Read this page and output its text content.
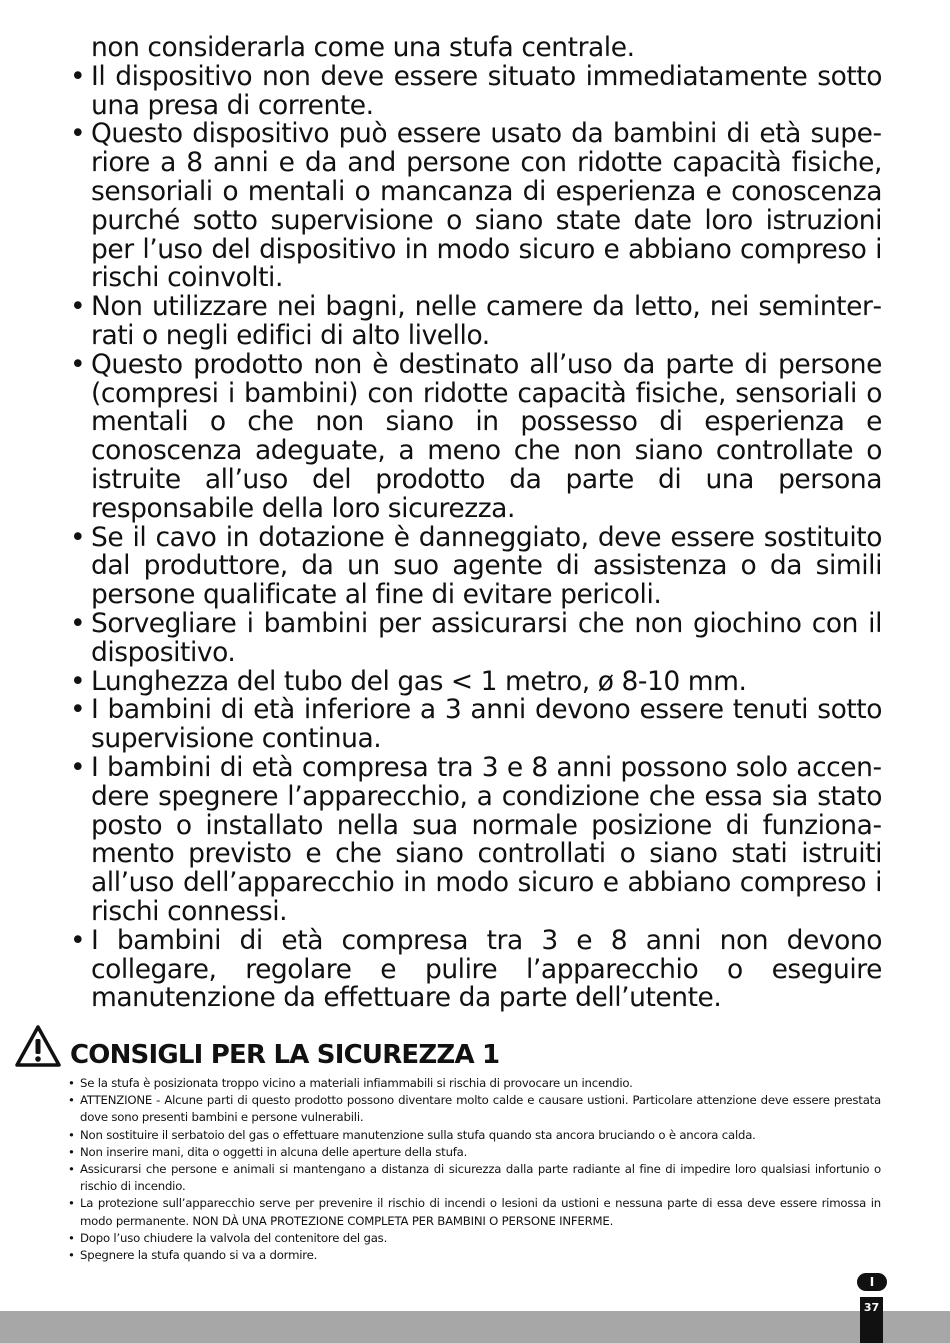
non considerarla come una stufa centrale.
• Il dispositivo non deve essere situato immediatamente sotto una presa di corrente.
• Questo dispositivo può essere usato da bambini di età superiore a 8 anni e da and persone con ridotte capacità fisiche, sensoriali o mentali o mancanza di esperienza e conoscenza purché sotto supervisione o siano state date loro istruzioni per l’uso del dispositivo in modo sicuro e abbiano compreso i rischi coinvolti.
• Non utilizzare nei bagni, nelle camere da letto, nei seminterrati o negli edifici di alto livello.
• Questo prodotto non è destinato all’uso da parte di persone (compresi i bambini) con ridotte capacità fisiche, sensoriali o mentali o che non siano in possesso di esperienza e conoscenza adeguate, a meno che non siano controllate o istruite all’uso del prodotto da parte di una persona responsabile della loro sicurezza.
• Se il cavo in dotazione è danneggiato, deve essere sostituito dal produttore, da un suo agente di assistenza o da simili persone qualificate al fine di evitare pericoli.
• Sorvegliare i bambini per assicurarsi che non giochino con il dispositivo.
• Lunghezza del tubo del gas < 1 metro, ø 8-10 mm.
• I bambini di età inferiore a 3 anni devono essere tenuti sotto supervisione continua.
• I bambini di età compresa tra 3 e 8 anni possono solo accendere spegnere l’apparecchio, a condizione che essa sia stato posto o installato nella sua normale posizione di funzionamento previsto e che siano controllati o siano stati istruiti all’uso dell’apparecchio in modo sicuro e abbiano compreso i rischi connessi.
• I bambini di età compresa tra 3 e 8 anni non devono collegare, regolare e pulire l’apparecchio o eseguire manutenzione da effettuare da parte dell’utente.
CONSIGLI PER LA SICUREZZA 1
• Se la stufa è posizionata troppo vicino a materiali infiammabili si rischia di provocare un incendio.
• ATTENZIONE - Alcune parti di questo prodotto possono diventare molto calde e causare ustioni. Particolare attenzione deve essere prestata dove sono presenti bambini e persone vulnerabili.
• Non sostituire il serbatoio del gas o effettuare manutenzione sulla stufa quando sta ancora bruciando o è ancora calda.
• Non inserire mani, dita o oggetti in alcuna delle aperture della stufa.
• Assicurarsi che persone e animali si mantengano a distanza di sicurezza dalla parte radiante al fine di impedire loro qualsiasi infortunio o rischio di incendio.
• La protezione sull’apparecchio serve per prevenire il rischio di incendi o lesioni da ustioni e nessuna parte di essa deve essere rimossa in modo permanente. NON DÀ UNA PROTEZIONE COMPLETA PER BAMBINI O PERSONE INFERME.
• Dopo l’uso chiudere la valvola del contenitore del gas.
• Spegnere la stufa quando si va a dormire.
I
37
